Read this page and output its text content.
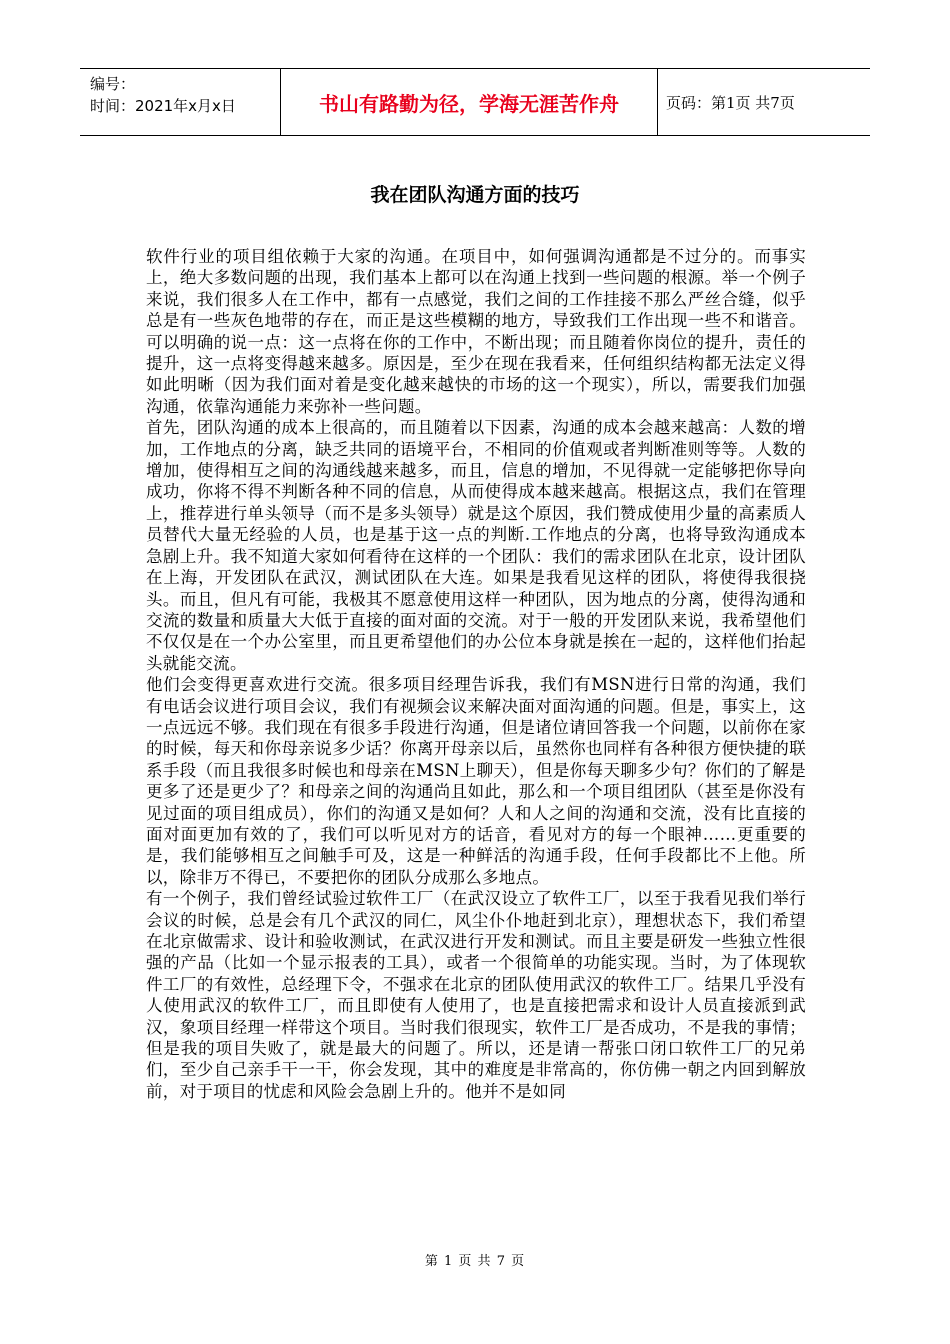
编号：
时间：2021年x月x日	书山有路勤为径，学海无涯苦作舟	页码：第1页 共7页
我在团队沟通方面的技巧

软件行业的项目组依赖于大家的沟通。在项目中，如何强调沟通都是不过分的。而事实上，绝大多数问题的出现，我们基本上都可以在沟通上找到一些问题的根源。举一个例子来说，我们很多人在工作中，都有一点感觉，我们之间的工作挂接不那么严丝合缝，似乎总是有一些灰色地带的存在，而正是这些模糊的地方，导致我们工作出现一些不和谐音。可以明确的说一点：这一点将在你的工作中，不断出现；而且随着你岗位的提升，责任的提升，这一点将变得越来越多。原因是，至少在现在我看来，任何组织结构都无法定义得如此明晰（因为我们面对着是变化越来越快的市场的这一个现实），所以，需要我们加强沟通，依靠沟通能力来弥补一些问题。

首先，团队沟通的成本上很高的，而且随着以下因素，沟通的成本会越来越高：人数的增加，工作地点的分离，缺乏共同的语境平台，不相同的价值观或者判断准则等等。人数的增加，使得相互之间的沟通线越来越多，而且，信息的增加，不见得就一定能够把你导向成功，你将不得不判断各种不同的信息，从而使得成本越来越高。根据这点，我们在管理上，推荐进行单头领导（而不是多头领导）就是这个原因，我们赞成使用少量的高素质人员替代大量无经验的人员，也是基于这一点的判断.工作地点的分离，也将导致沟通成本急剧上升。我不知道大家如何看待在这样的一个团队：我们的需求团队在北京，设计团队在上海，开发团队在武汉，测试团队在大连。如果是我看见这样的团队，将使得我很挠头。而且，但凡有可能，我极其不愿意使用这样一种团队，因为地点的分离，使得沟通和交流的数量和质量大大低于直接的面对面的交流。对于一般的开发团队来说，我希望他们不仅仅是在一个办公室里，而且更希望他们的办公位本身就是挨在一起的，这样他们抬起头就能交流。

他们会变得更喜欢进行交流。很多项目经理告诉我，我们有MSN进行日常的沟通，我们有电话会议进行项目会议，我们有视频会议来解决面对面沟通的问题。但是，事实上，这一点远远不够。我们现在有很多手段进行沟通，但是诸位请回答我一个问题，以前你在家的时候，每天和你母亲说多少话？你离开母亲以后，虽然你也同样有各种很方便快捷的联系手段（而且我很多时候也和母亲在MSN上聊天），但是你每天聊多少句？你们的了解是更多了还是更少了？和母亲之间的沟通尚且如此，那么和一个项目组团队（甚至是你没有见过面的项目组成员），你们的沟通又是如何？人和人之间的沟通和交流，没有比直接的面对面更加有效的了，我们可以听见对方的话音，看见对方的每一个眼神……更重要的是，我们能够相互之间触手可及，这是一种鲜活的沟通手段，任何手段都比不上他。所以，除非万不得已，不要把你的团队分成那么多地点。

有一个例子，我们曾经试验过软件工厂（在武汉设立了软件工厂，以至于我看见我们举行会议的时候，总是会有几个武汉的同仁，风尘仆仆地赶到北京），理想状态下，我们希望在北京做需求、设计和验收测试，在武汉进行开发和测试。而且主要是研发一些独立性很强的产品（比如一个显示报表的工具），或者一个很简单的功能实现。当时，为了体现软件工厂的有效性，总经理下令，不强求在北京的团队使用武汉的软件工厂。结果几乎没有人使用武汉的软件工厂，而且即使有人使用了，也是直接把需求和设计人员直接派到武汉，象项目经理一样带这个项目。当时我们很现实，软件工厂是否成功，不是我的事情；但是我的项目失败了，就是最大的问题了。所以，还是请一帮张口闭口软件工厂的兄弟们，至少自己亲手干一干，你会发现，其中的难度是非常高的，你仿佛一朝之内回到解放前，对于项目的忧虑和风险会急剧上升的。他并不是如同

第 1 页 共 7 页
